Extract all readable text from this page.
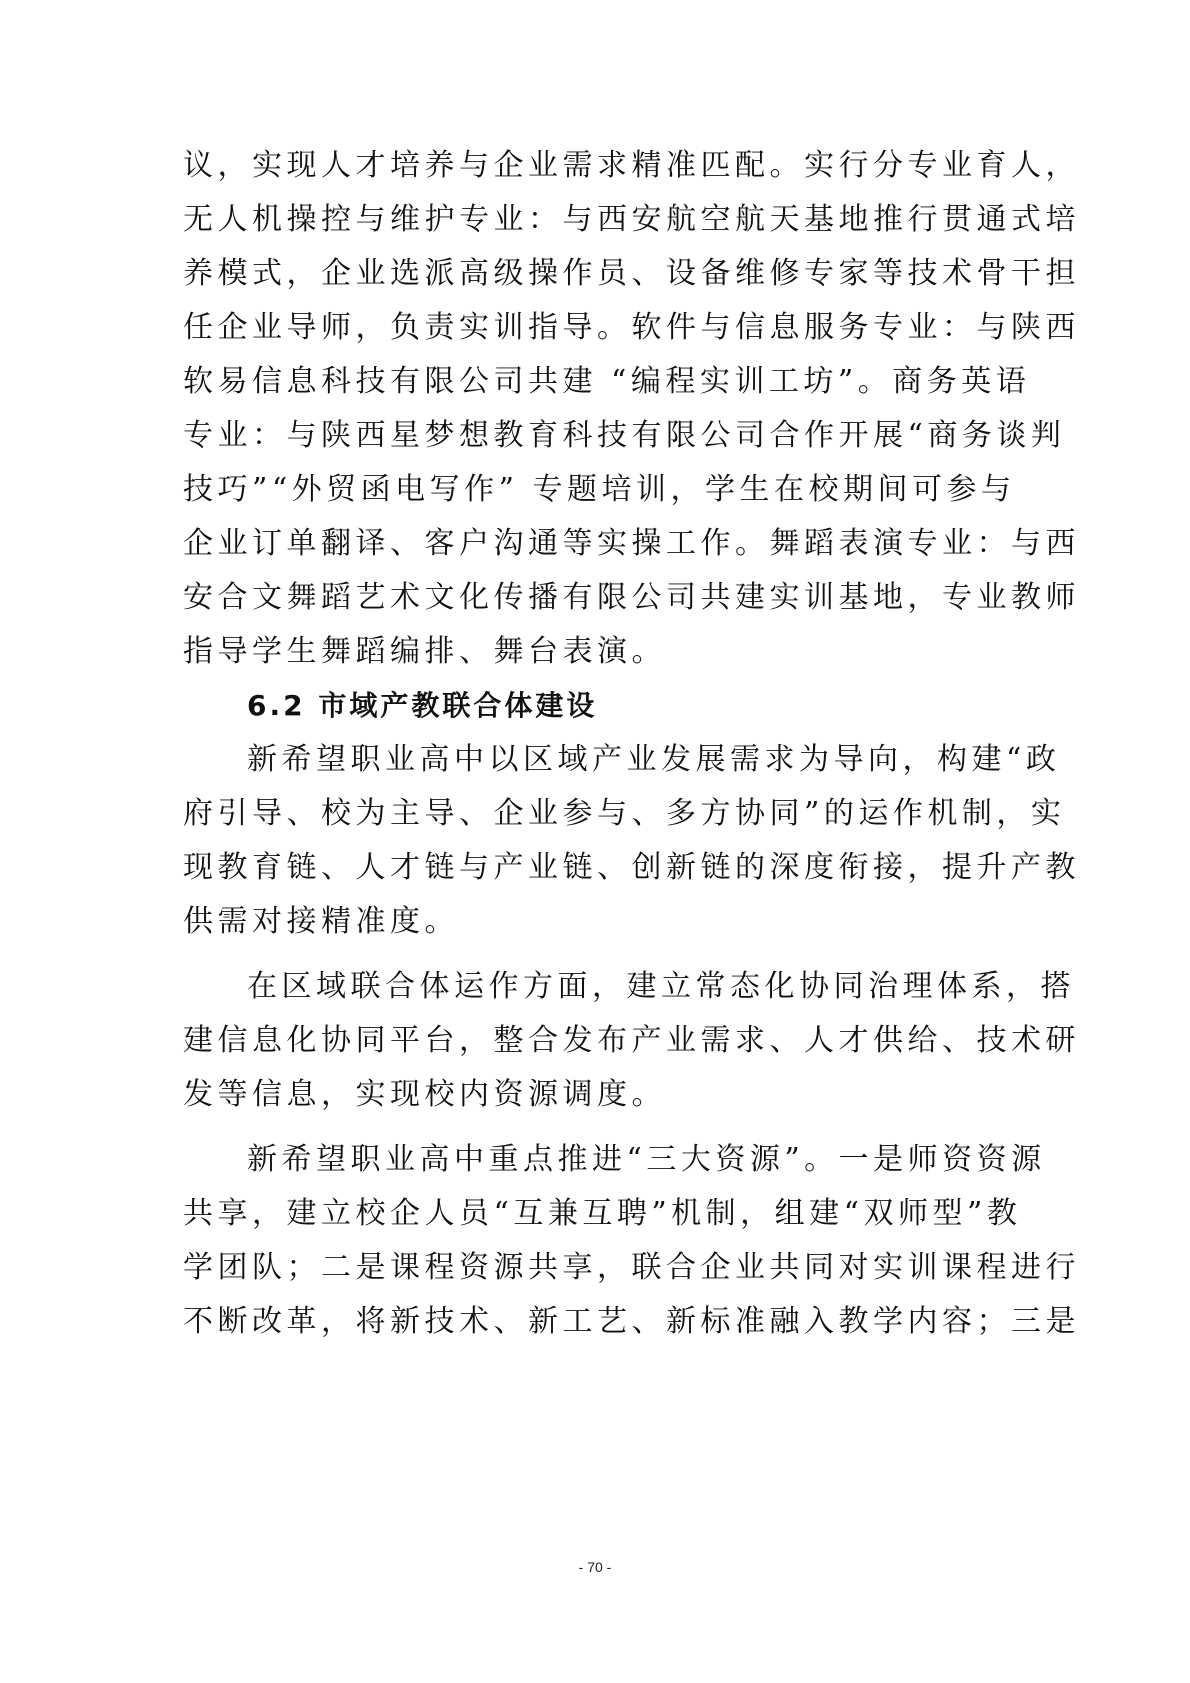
议，实现人才培养与企业需求精准匹配。实行分专业育人，
无人机操控与维护专业：与西安航空航天基地推行贯通式培
养模式，企业选派高级操作员、设备维修专家等技术骨干担
任企业导师，负责实训指导。软件与信息服务专业：与陕西
软易信息科技有限公司共建 “编程实训工坊”。商务英语
专业：与陕西星梦想教育科技有限公司合作开展“商务谈判
技巧”“外贸函电写作” 专题培训，学生在校期间可参与
企业订单翻译、客户沟通等实操工作。舞蹈表演专业：与西
安合文舞蹈艺术文化传播有限公司共建实训基地，专业教师
指导学生舞蹈编排、舞台表演。
6.2 市域产教联合体建设
新希望职业高中以区域产业发展需求为导向，构建“政
府引导、校为主导、企业参与、多方协同”的运作机制，实
现教育链、人才链与产业链、创新链的深度衔接，提升产教
供需对接精准度。
在区域联合体运作方面，建立常态化协同治理体系，搭
建信息化协同平台，整合发布产业需求、人才供给、技术研
发等信息，实现校内资源调度。
新希望职业高中重点推进“三大资源”。一是师资资源
共享，建立校企人员“互兼互聘”机制，组建“双师型”教
学团队；二是课程资源共享，联合企业共同对实训课程进行
不断改革，将新技术、新工艺、新标准融入教学内容；三是
- 70 -
